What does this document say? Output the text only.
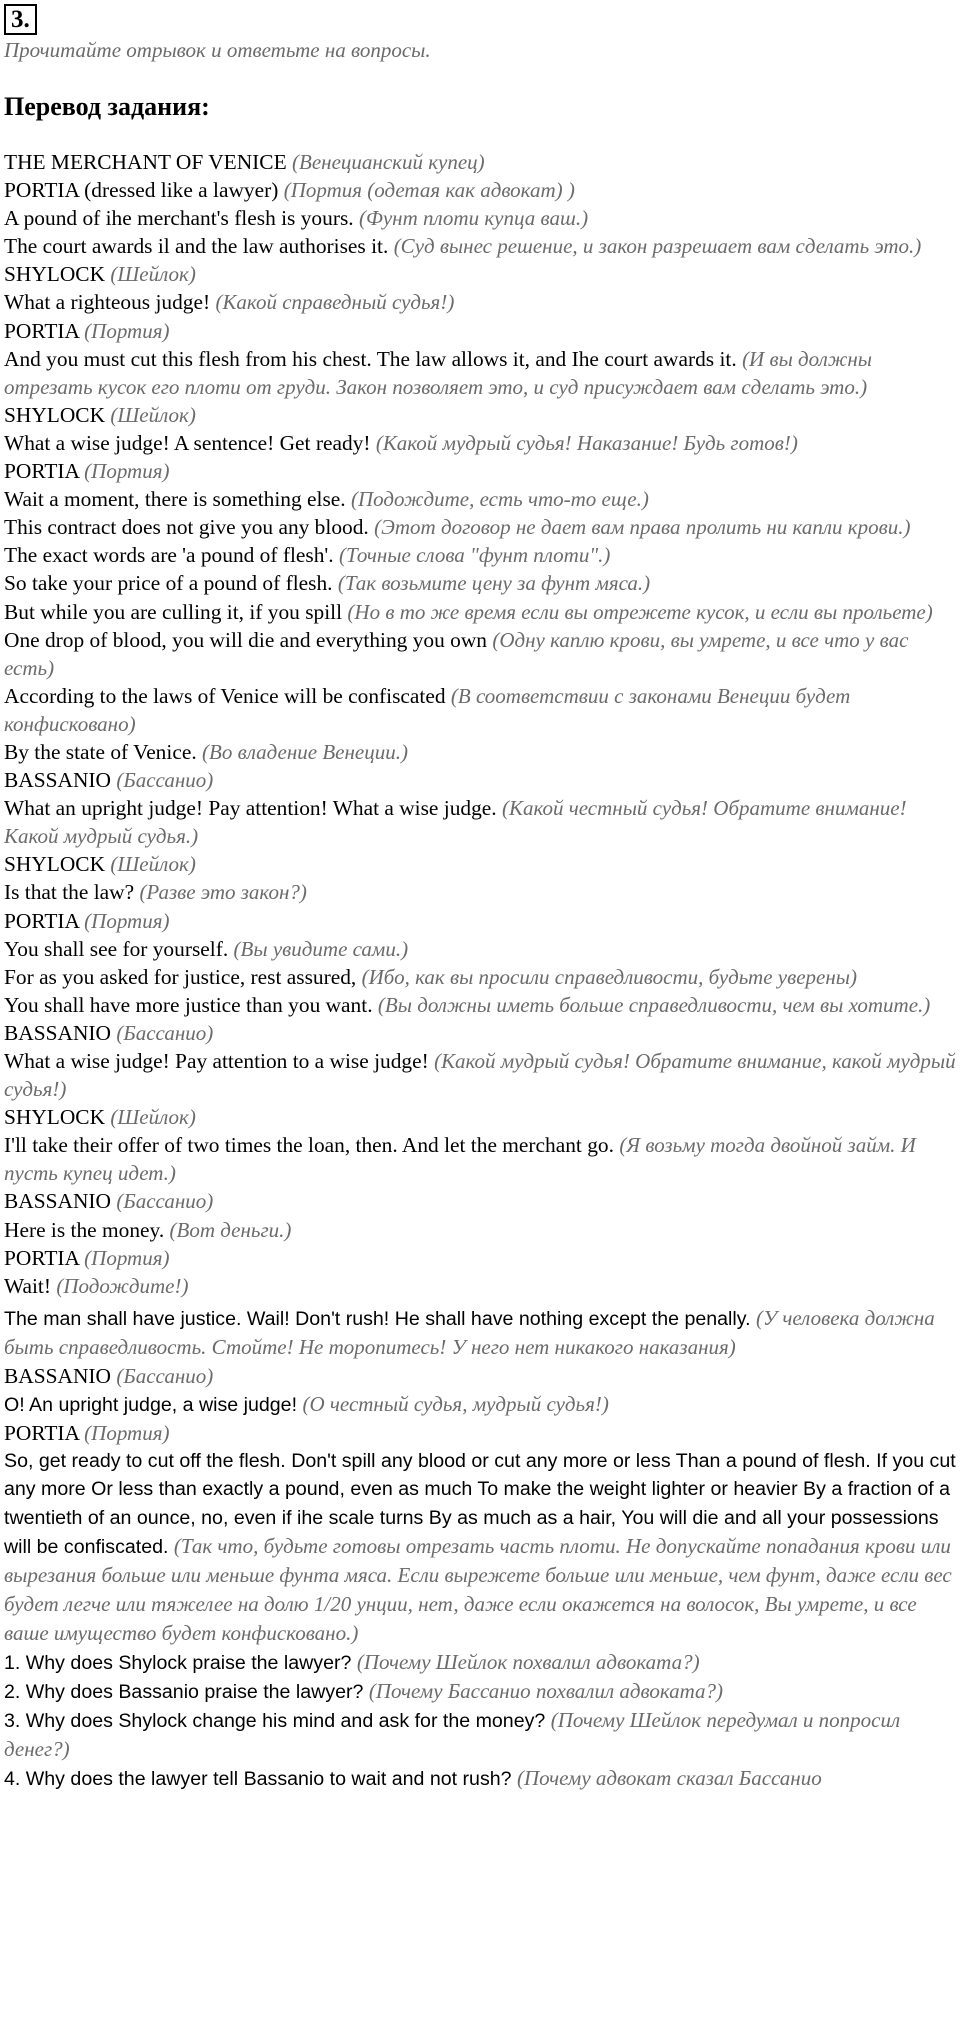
3.
Прочитайте отрывок и ответьте на вопросы.
Перевод задания:

THE MERCHANT OF VENICE (Венецианский купец)

PORTIA (dressed like a lawyer) (Портия (одетая как адвокат) )

A pound of ihe merchant's flesh is yours. (Фунт плоти купца ваш.)

The court awards il and the law authorises it. (Суд вынес решение, и закон разрешает вам сделать это.)

SHYLOCK (Шейлок)

What a righteous judge! (Какой справедный судья!)

PORTIA (Портия)

And you must cut this flesh from his chest. The law allows it, and Ihe court awards it. (И вы должны отрезать кусок его плоти от груди. Закон позволяет это, и суд присуждает вам сделать это.)

SHYLOCK (Шейлок)

What a wise judge! A sentence! Get ready! (Какой мудрый судья! Наказание! Будь готов!)

PORTIA (Портия)

Wait a moment, there is something else. (Подождите, есть что-то еще.)

This contract does not give you any blood. (Этот договор не дает вам права пролить ни капли крови.)

The exact words are 'a pound of flesh'. (Точные слова "фунт плоти".)

So take your price of a pound of flesh. (Так возьмите цену за фунт мяса.)

But while you are culling it, if you spill (Но в то же время если вы отрежете кусок, и если вы прольете)

One drop of blood, you will die and everything you own (Одну каплю крови, вы умрете, и все что у вас есть)

According to the laws of Venice will be confiscated (В соответствии с законами Венеции будет конфисковано)

By the state of Venice. (Во владение Венеции.)

BASSANIO (Бассанио)

What an upright judge! Pay attention! What a wise judge. (Какой честный судья! Обратите внимание! Какой мудрый судья.)

SHYLOCK (Шейлок)

Is that the law? (Разве это закон?)

PORTIA (Портия)

You shall see for yourself. (Вы увидите сами.)

For as you asked for justice, rest assured, (Ибо, как вы просили справедливости, будьте уверены)

You shall have more justice than you want. (Вы должны иметь больше справедливости, чем вы хотите.)

BASSANIO (Бассанио)

What a wise judge! Pay attention to a wise judge! (Какой мудрый судья! Обратите внимание, какой мудрый судья!)

SHYLOCK (Шейлок)

I'll take their offer of two times the loan, then. And let the merchant go. (Я возьму тогда двойной займ. И пусть купец идет.)

BASSANIO (Бассанио)

Here is the money. (Вот деньги.)

PORTIA (Портия)

Wait! (Подождите!)

The man shall have justice. Wail! Don't rush! He shall have nothing except the penally. (У человека должна быть справедливость. Стойте! Не торопитесь! У него нет никакого наказания)

BASSANIO (Бассанио)

O! An upright judge, a wise judge! (О честный судья, мудрый судья!)

PORTIA (Портия)

So, get ready to cut off the flesh. Don't spill any blood or cut any more or less Than a pound of flesh. If you cut any more Or less than exactly a pound, even as much To make the weight lighter or heavier By a fraction of a twentieth of an ounce, no, even if ihe scale turns By as much as a hair, You will die and all your possessions will be confiscated. (Так что, будьте готовы отрезать часть плоти. Не допускайте попадания крови или вырезания больше или меньше фунта мяса. Если вырежете больше или меньше, чем фунт, даже если вес будет легче или тяжелее на долю 1/20 унции, нет, даже если окажется на волосок, Вы умрете, и все ваше имущество будет конфисковано.)

1. Why does Shylock praise the lawyer? (Почему Шейлок похвалил адвоката?)

2. Why does Bassanio praise the lawyer? (Почему Бассанио похвалил адвоката?)

3. Why does Shylock change his mind and ask for the money? (Почему Шейлок передумал и попросил денег?)

4. Why does the lawyer tell Bassanio to wait and not rush? (Почему адвокат сказал Бассанио
